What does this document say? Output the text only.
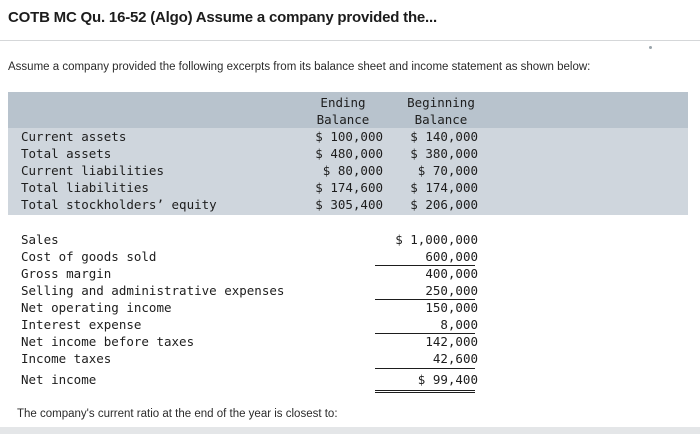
COTB MC Qu. 16-52 (Algo) Assume a company provided the...
Assume a company provided the following excerpts from its balance sheet and income statement as shown below:
Ending
Balance
Beginning
Balance
Current assets	$ 100,000 $ 140,000
Total assets	$ 480,000 $ 380,000
Current liabilities	$ 80,000	$ 70,000
Total liabilities	$ 174,600 $ 174,000
Total stockholders’ equity	$ 305,400 $ 206,000
Sales	$ 1,000,000
Cost of goods sold	600,000
Gross margin	400,000
Selling and administrative expenses	250,000
Net operating income	150,000
Interest expense	8,000
Net income before taxes	142,000
Income taxes	42,600
Net income	$ 99,400
The company's current ratio at the end of the year is closest to:
